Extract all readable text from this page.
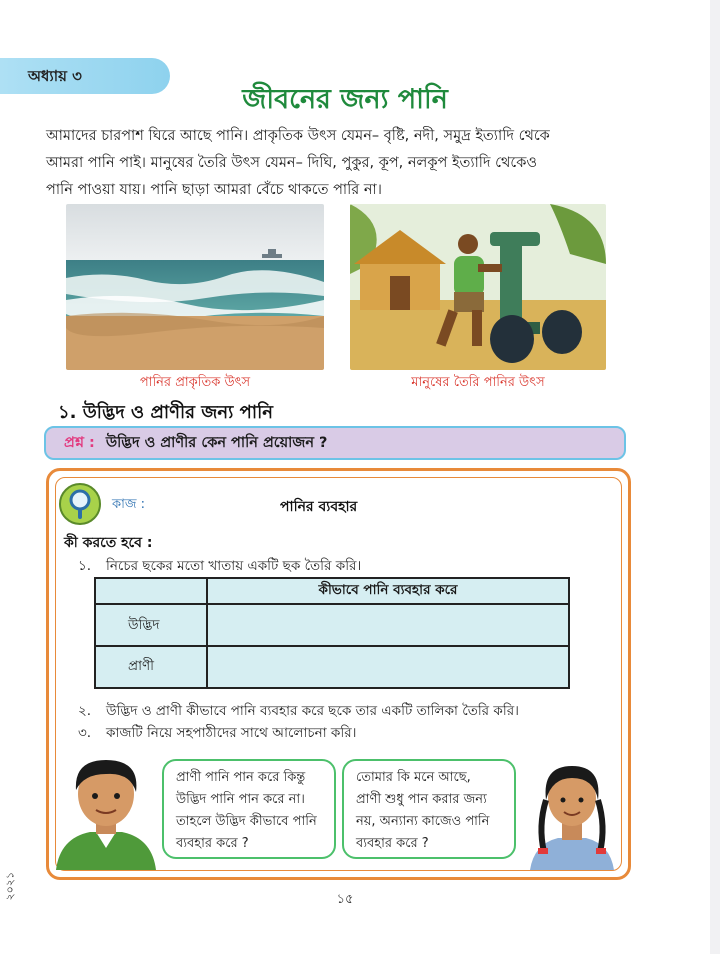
অধ্যায় ৩
জীবনের জন্য পানি
আমাদের চারপাশ ঘিরে আছে পানি। প্রাকৃতিক উৎস যেমন– বৃষ্টি, নদী, সমুদ্র ইত্যাদি থেকে
আমরা পানি পাই। মানুষের তৈরি উৎস যেমন– দিঘি, পুকুর, কূপ, নলকূপ ইত্যাদি থেকেও
পানি পাওয়া যায়। পানি ছাড়া আমরা বেঁচে থাকতে পারি না।
পানির প্রাকৃতিক উৎস	মানুষের তৈরি পানির উৎস
১. উদ্ভিদ ও প্রাণীর জন্য পানি
প্রশ্ন : উদ্ভিদ ও প্রাণীর কেন পানি প্রয়োজন ?
কাজ :	পানির ব্যবহার
কী করতে হবে :
১. নিচের ছকের মতো খাতায় একটি ছক তৈরি করি।
কীভাবে পানি ব্যবহার করে
উদ্ভিদ
প্রাণী
২. উদ্ভিদ ও প্রাণী কীভাবে পানি ব্যবহার করে ছকে তার একটি তালিকা তৈরি করি।
৩. কাজটি নিয়ে সহপাঠীদের সাথে আলোচনা করি।
প্রাণী পানি পান করে কিন্তু
উদ্ভিদ পানি পান করে না।
তাহলে উদ্ভিদ কীভাবে পানি
ব্যবহার করে ?
তোমার কি মনে আছে,
প্রাণী শুধু পান করার জন্য
নয়, অন্যান্য কাজেও পানি
ব্যবহার করে ?
১৫
২০২১
